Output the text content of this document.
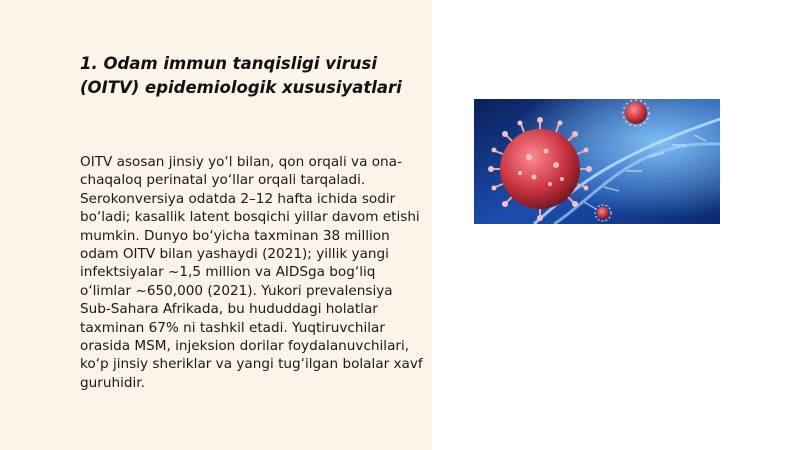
1. Odam immun tanqisligi virusi (OITV) epidemiologik xususiyatlari

OITV asosan jinsiy yo‘l bilan, qon orqali va ona-chaqaloq perinatal yo‘llar orqali tarqaladi. Serokonversiya odatda 2–12 hafta ichida sodir bo‘ladi; kasallik latent bosqichi yillar davom etishi mumkin. Dunyo bo‘yicha taxminan 38 million odam OITV bilan yashaydi (2021); yillik yangi infektsiyalar ~1,5 million va AIDSga bog‘liq o‘limlar ~650,000 (2021). Yukori prevalensiya Sub-Sahara Afrikada, bu hududdagi holatlar taxminan 67% ni tashkil etadi. Yuqtiruvchilar orasida MSM, injeksion dorilar foydalanuvchilari, ko‘p jinsiy sheriklar va yangi tug‘ilgan bolalar xavf guruhidir.
